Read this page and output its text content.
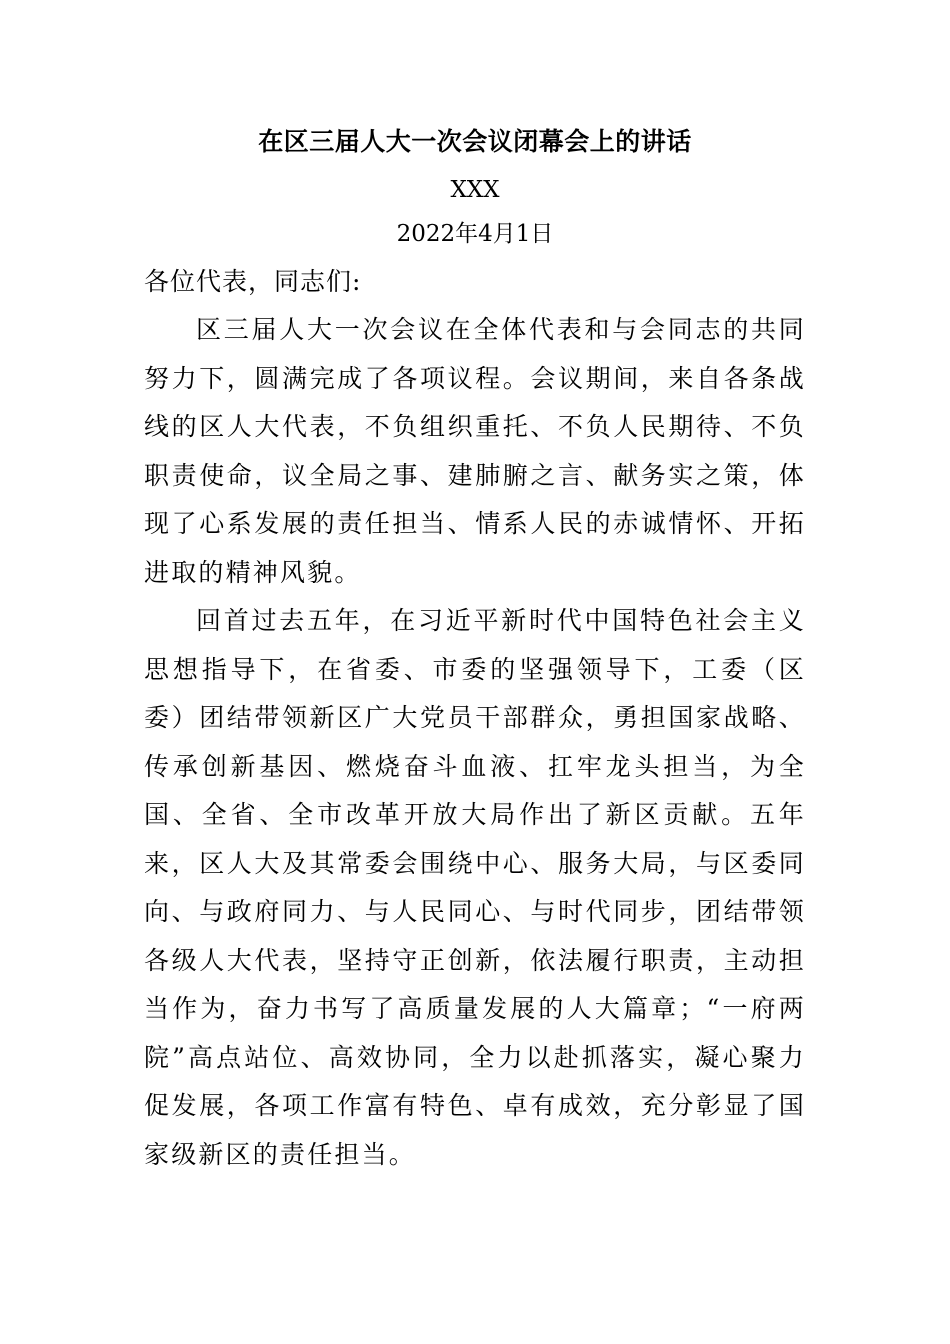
在区三届人大一次会议闭幕会上的讲话
XXX
2022年4月1日

各位代表，同志们:

区三届人大一次会议在全体代表和与会同志的共同努力下，圆满完成了各项议程。会议期间，来自各条战线的区人大代表，不负组织重托、不负人民期待、不负职责使命，议全局之事、建肺腑之言、献务实之策，体现了心系发展的责任担当、情系人民的赤诚情怀、开拓进取的精神风貌。

回首过去五年，在习近平新时代中国特色社会主义思想指导下，在省委、市委的坚强领导下，工委（区委）团结带领新区广大党员干部群众，勇担国家战略、传承创新基因、燃烧奋斗血液、扛牢龙头担当，为全国、全省、全市改革开放大局作出了新区贡献。五年来，区人大及其常委会围绕中心、服务大局，与区委同向、与政府同力、与人民同心、与时代同步，团结带领各级人大代表，坚持守正创新，依法履行职责，主动担当作为，奋力书写了高质量发展的人大篇章；“一府两院”高点站位、高效协同，全力以赴抓落实，凝心聚力促发展，各项工作富有特色、卓有成效，充分彰显了国家级新区的责任担当。
